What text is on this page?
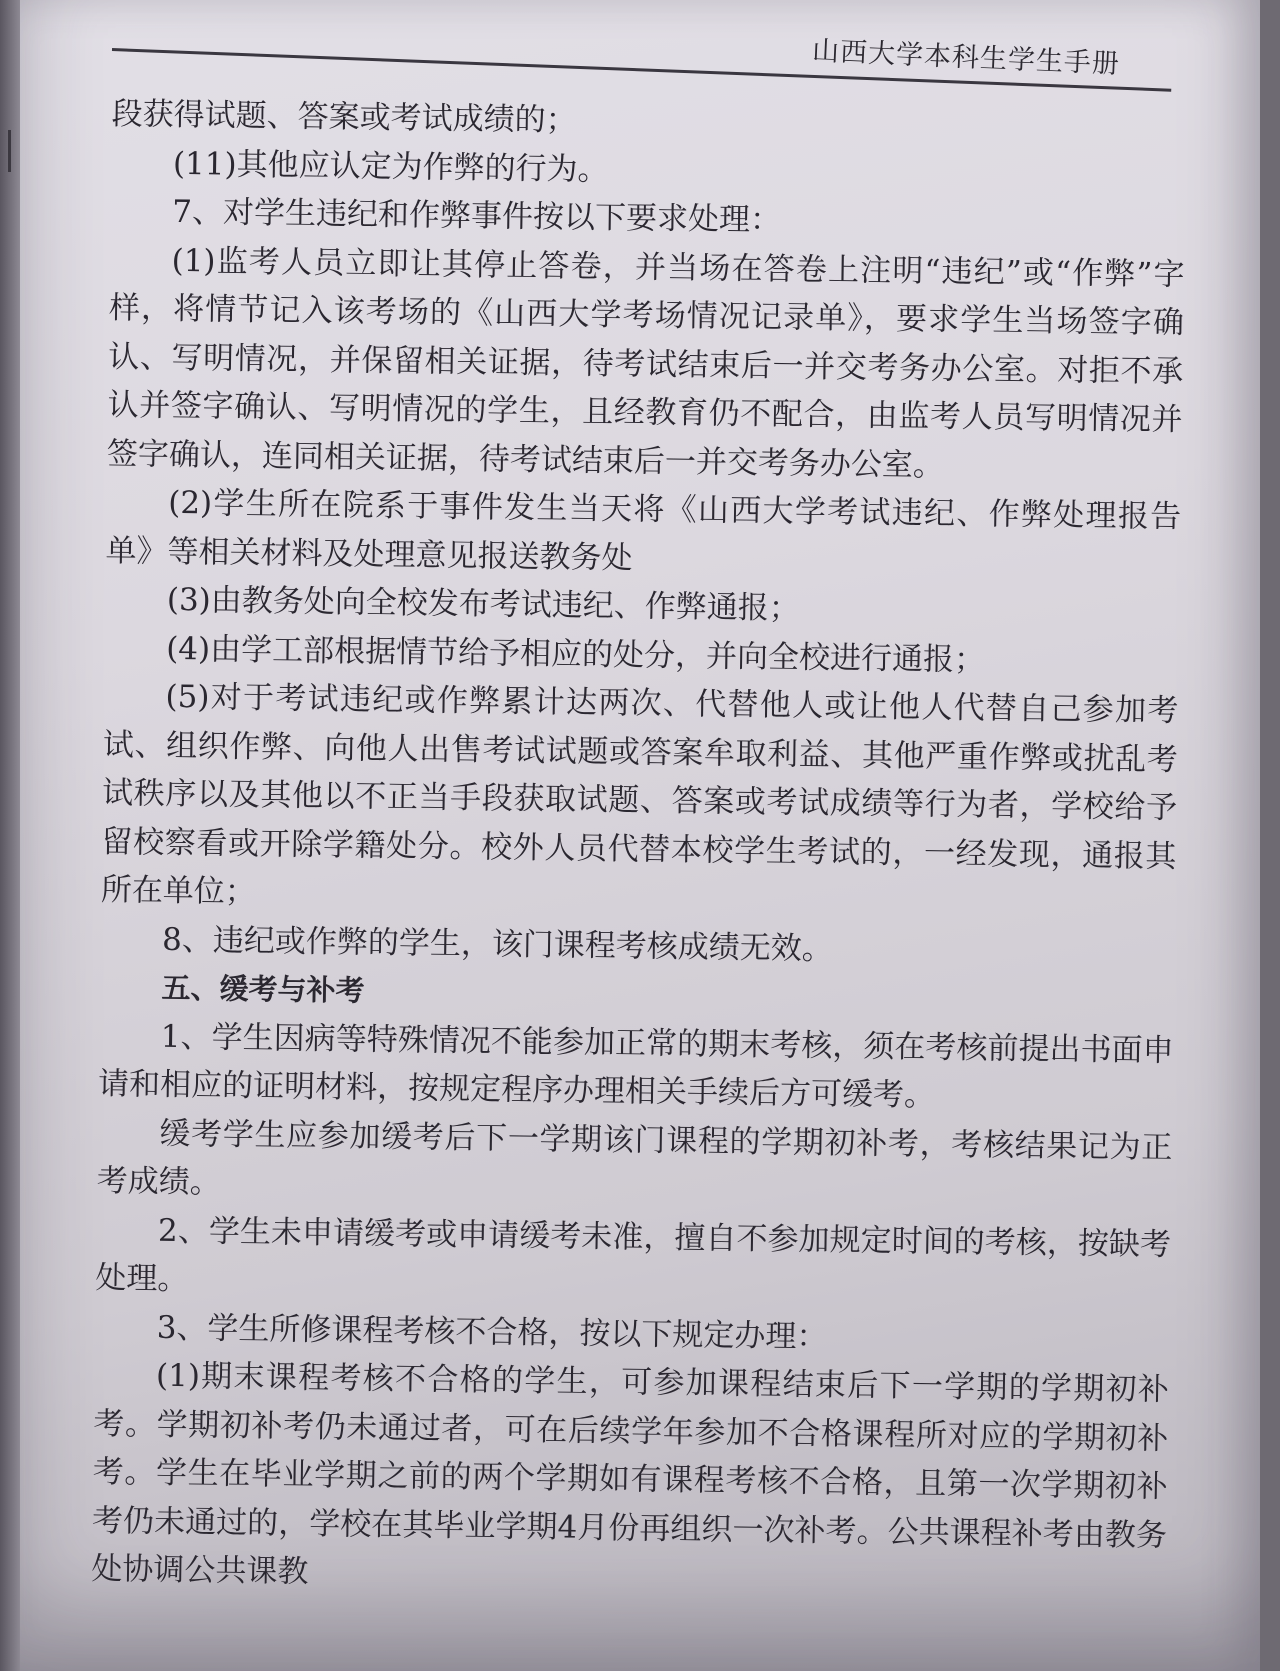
山西大学本科生学生手册

段获得试题、答案或考试成绩的；

(11)其他应认定为作弊的行为。

7、对学生违纪和作弊事件按以下要求处理：

(1)监考人员立即让其停止答卷，并当场在答卷上注明“违纪”或“作弊”字样，将情节记入该考场的《山西大学考场情况记录单》，要求学生当场签字确认、写明情况，并保留相关证据，待考试结束后一并交考务办公室。对拒不承认并签字确认、写明情况的学生，且经教育仍不配合，由监考人员写明情况并签字确认，连同相关证据，待考试结束后一并交考务办公室。

(2)学生所在院系于事件发生当天将《山西大学考试违纪、作弊处理报告单》等相关材料及处理意见报送教务处

(3)由教务处向全校发布考试违纪、作弊通报；

(4)由学工部根据情节给予相应的处分，并向全校进行通报；

(5)对于考试违纪或作弊累计达两次、代替他人或让他人代替自己参加考试、组织作弊、向他人出售考试试题或答案牟取利益、其他严重作弊或扰乱考试秩序以及其他以不正当手段获取试题、答案或考试成绩等行为者，学校给予留校察看或开除学籍处分。校外人员代替本校学生考试的，一经发现，通报其所在单位；

8、违纪或作弊的学生，该门课程考核成绩无效。

五、缓考与补考

1、学生因病等特殊情况不能参加正常的期末考核，须在考核前提出书面申请和相应的证明材料，按规定程序办理相关手续后方可缓考。

缓考学生应参加缓考后下一学期该门课程的学期初补考，考核结果记为正考成绩。

2、学生未申请缓考或申请缓考未准，擅自不参加规定时间的考核，按缺考处理。

3、学生所修课程考核不合格，按以下规定办理：

(1)期末课程考核不合格的学生，可参加课程结束后下一学期的学期初补考。学期初补考仍未通过者，可在后续学年参加不合格课程所对应的学期初补考。学生在毕业学期之前的两个学期如有课程考核不合格，且第一次学期初补考仍未通过的，学校在其毕业学期4月份再组织一次补考。公共课程补考由教务处协调公共课教
